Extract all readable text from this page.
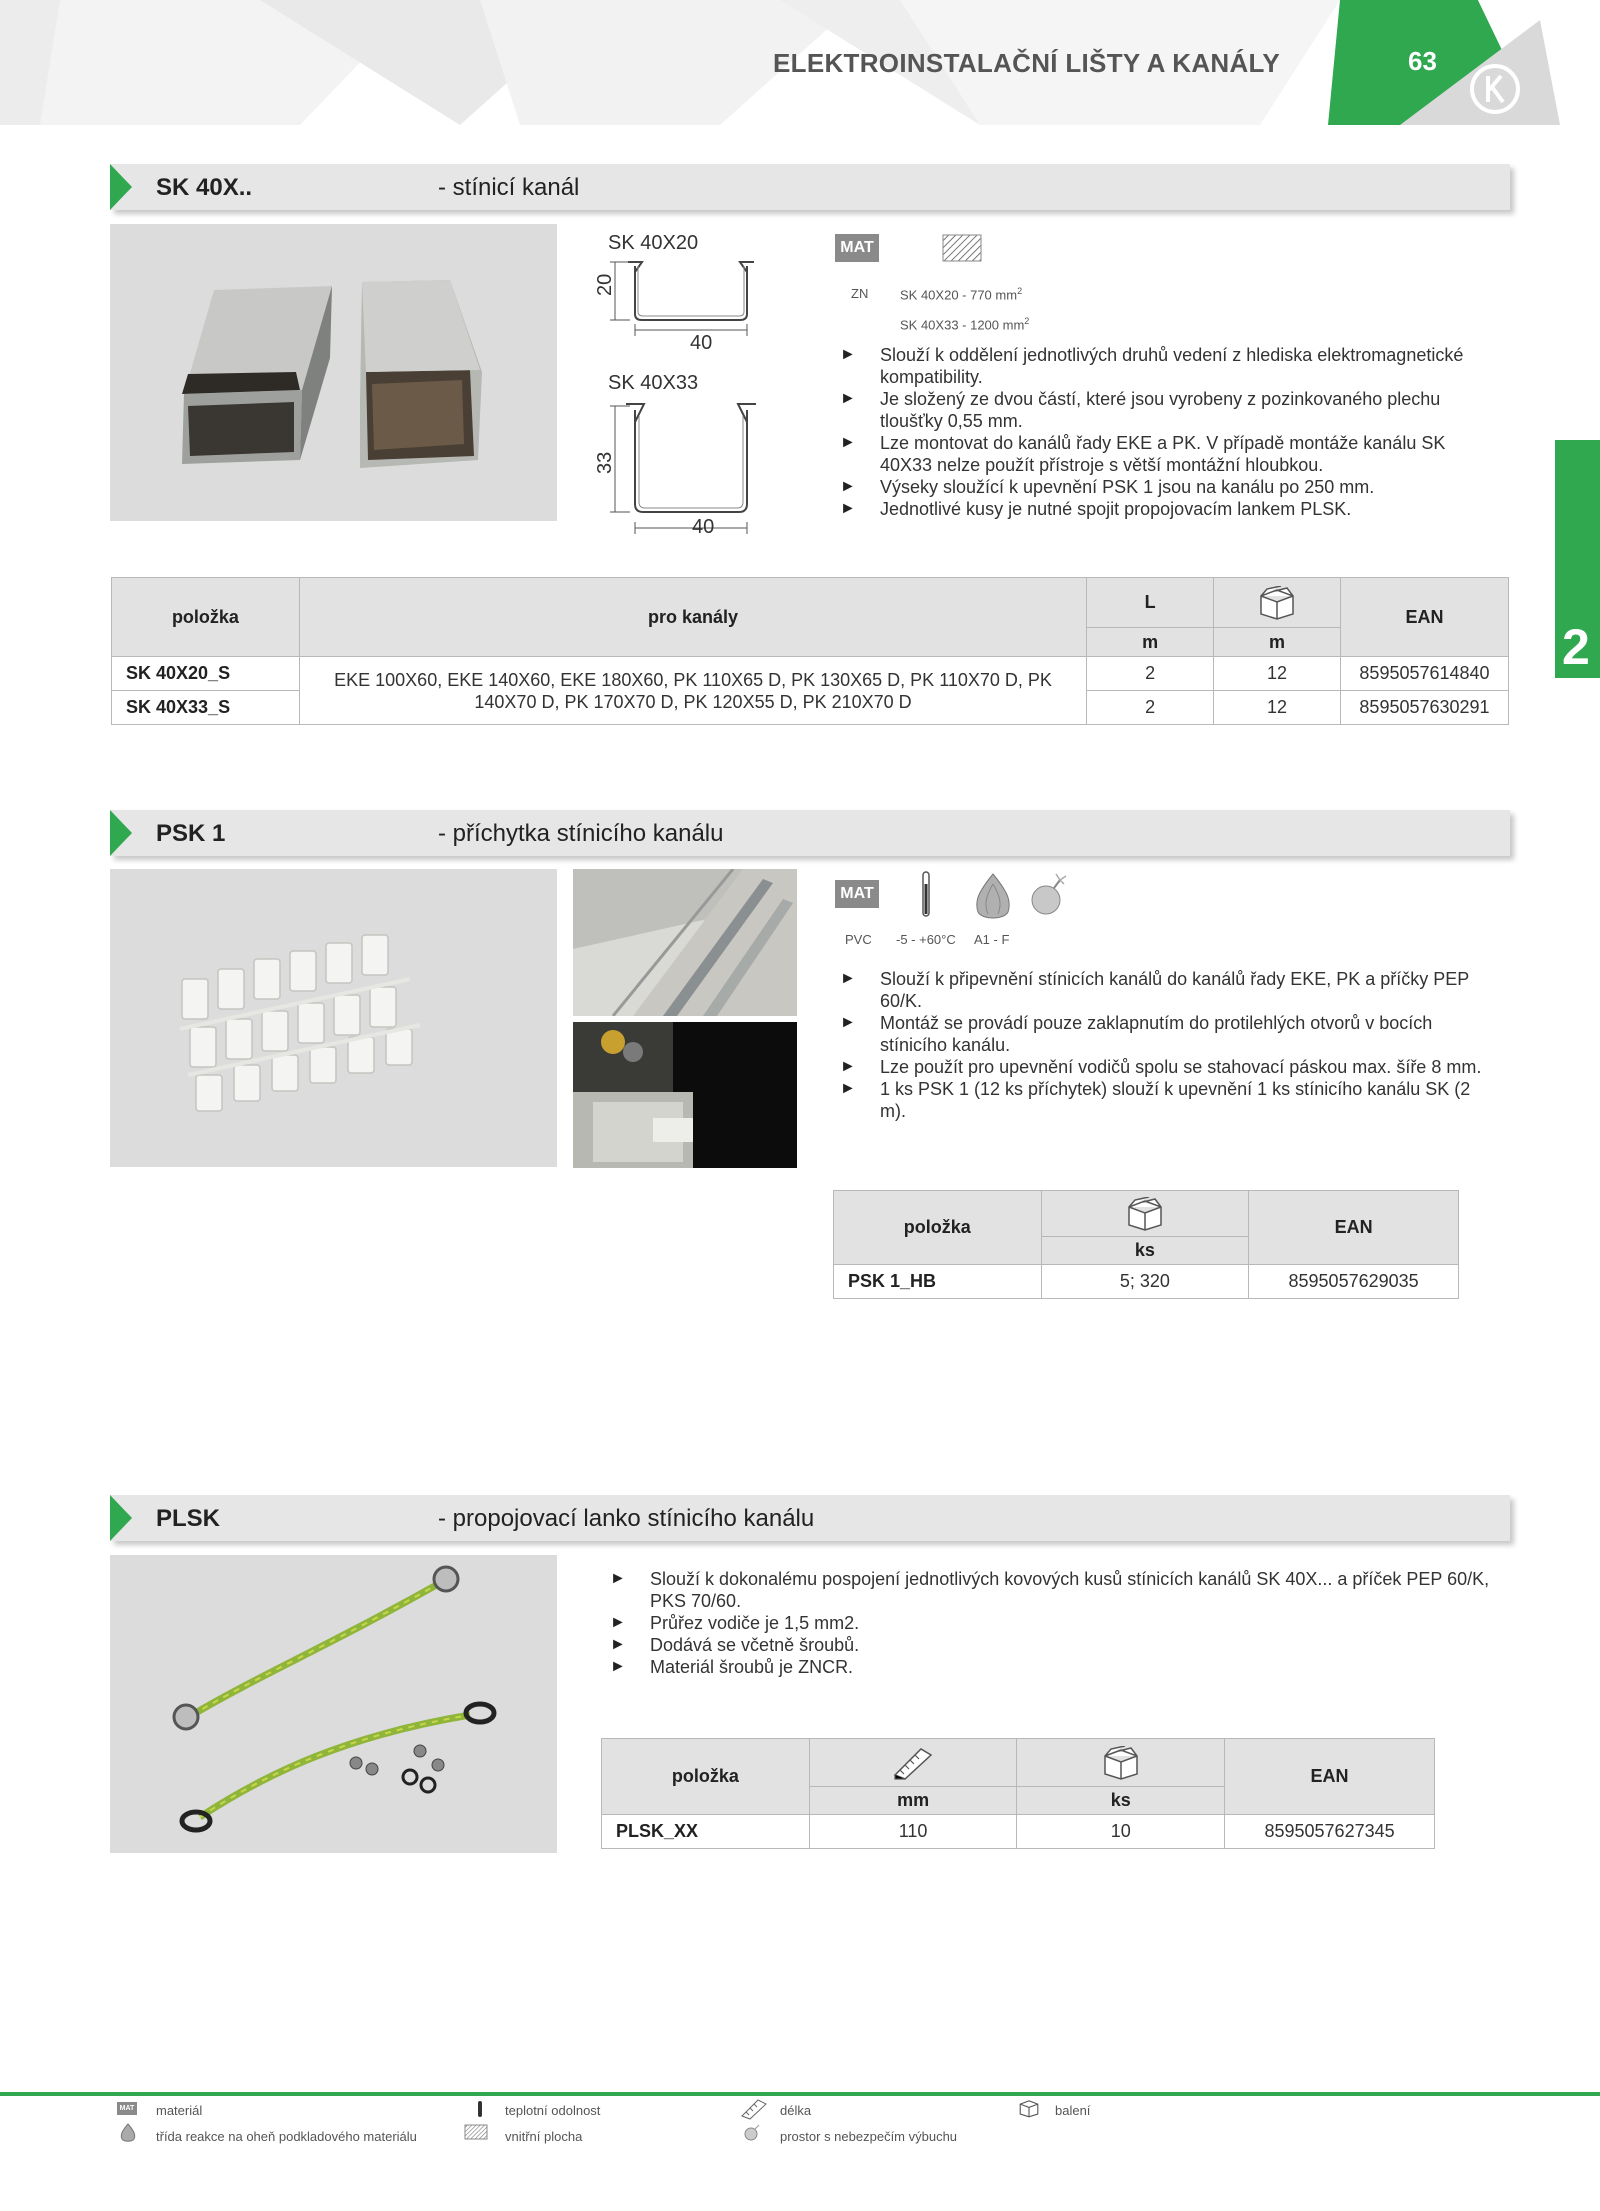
ELEKTROINSTALAČNÍ LIŠTY A KANÁLY	63
2
SK 40X..	- stínicí kanál
SK 40X20
20
40
SK 40X33
33
40
MAT
ZN SK 40X20 - 770 $mm^2$
SK 40X33 - 1200 $mm^2$
► Slouží k oddělení jednotlivých druhů vedení z hlediska elektromagnetické kompatibility.
► Je složený ze dvou částí, které jsou vyrobeny z pozinkovaného plechu tloušťky 0,55 mm.
► Lze montovat do kanálů řady EKE a PK. V případě montáže kanálu SK 40X33 nelze použít přístroje s větší montážní hloubkou.
► Výseky sloužící k upevnění PSK 1 jsou na kanálu po 250 mm.
► Jednotlivé kusy je nutné spojit propojovacím lankem PLSK.
položka	pro kanály	L		EAN
		m	m	
SK 40X20_S	EKE 100X60, EKE 140X60, EKE 180X60, PK 110X65 D, PK 130X65 D, PK 110X70 D, PK 140X70 D, PK 170X70 D, PK 120X55 D, PK 210X70 D	2	12	8595057614840
SK 40X33_S		2	12	8595057630291
PSK 1	- příchytka stínicího kanálu
MAT
PVC -5 - +60°C A1 - F
► Slouží k připevnění stínicích kanálů do kanálů řady EKE, PK a příčky PEP 60/K.
► Montáž se provádí pouze zaklapnutím do protilehlých otvorů v bocích stínicího kanálu.
► Lze použít pro upevnění vodičů spolu se stahovací páskou max. šíře 8 mm.
► 1 ks PSK 1 (12 ks příchytek) slouží k upevnění 1 ks stínicího kanálu SK (2 m).
položka		EAN
	ks	
PSK 1_HB	5; 320	8595057629035
PLSK	- propojovací lanko stínicího kanálu
► Slouží k dokonalému pospojení jednotlivých kovových kusů stínicích kanálů SK 40X... a příček PEP 60/K, PKS 70/60.
► Průřez vodiče je 1,5 mm2.
► Dodává se včetně šroubů.
► Materiál šroubů je ZNCR.
položka			EAN
	mm	ks	
PLSK_XX	110	10	8595057627345
MAT materiál	teplotní odolnost	délka	balení
třída reakce na oheň podkladového materiálu	vnitřní plocha	prostor s nebezpečím výbuchu
